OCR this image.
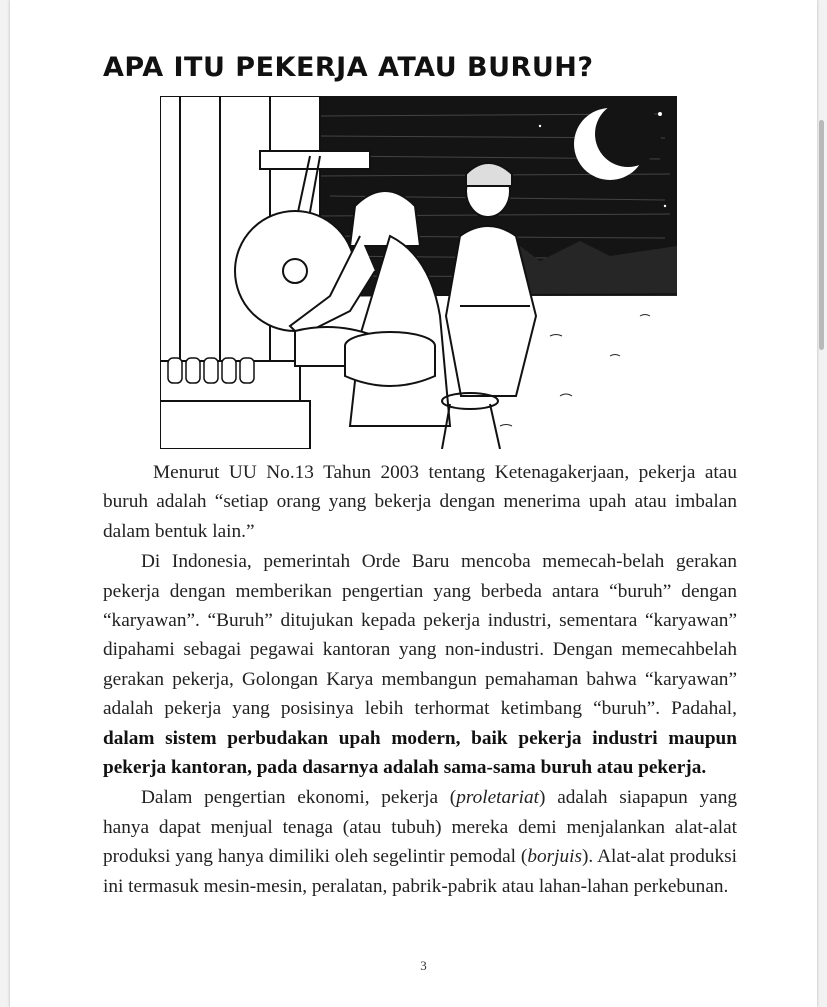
APA ITU PEKERJA ATAU BURUH?

Menurut UU No.13 Tahun 2003 tentang Ketenagakerjaan, pekerja atau buruh adalah “setiap orang yang bekerja dengan menerima upah atau imbalan dalam bentuk lain.”

Di Indonesia, pemerintah Orde Baru mencoba memecah-belah gerakan pekerja dengan memberikan pengertian yang berbeda antara “buruh” dengan “karyawan”. “Buruh” ditujukan kepada pekerja industri, sementara “karyawan” dipahami sebagai pegawai kantoran yang non-industri. Dengan memecahbelah gerakan pekerja, Golongan Karya membangun pemahaman bahwa “karyawan” adalah pekerja yang posisinya lebih terhormat ketimbang “buruh”. Padahal, dalam sistem perbudakan upah modern, baik pekerja industri maupun pekerja kantoran, pada dasarnya adalah sama-sama buruh atau pekerja.

Dalam pengertian ekonomi, pekerja (proletariat) adalah siapapun yang hanya dapat menjual tenaga (atau tubuh) mereka demi menjalankan alat-alat produksi yang hanya dimiliki oleh segelintir pemodal (borjuis). Alat-alat produksi ini termasuk mesin-mesin, peralatan, pabrik-pabrik atau lahan-lahan perkebunan.

3
